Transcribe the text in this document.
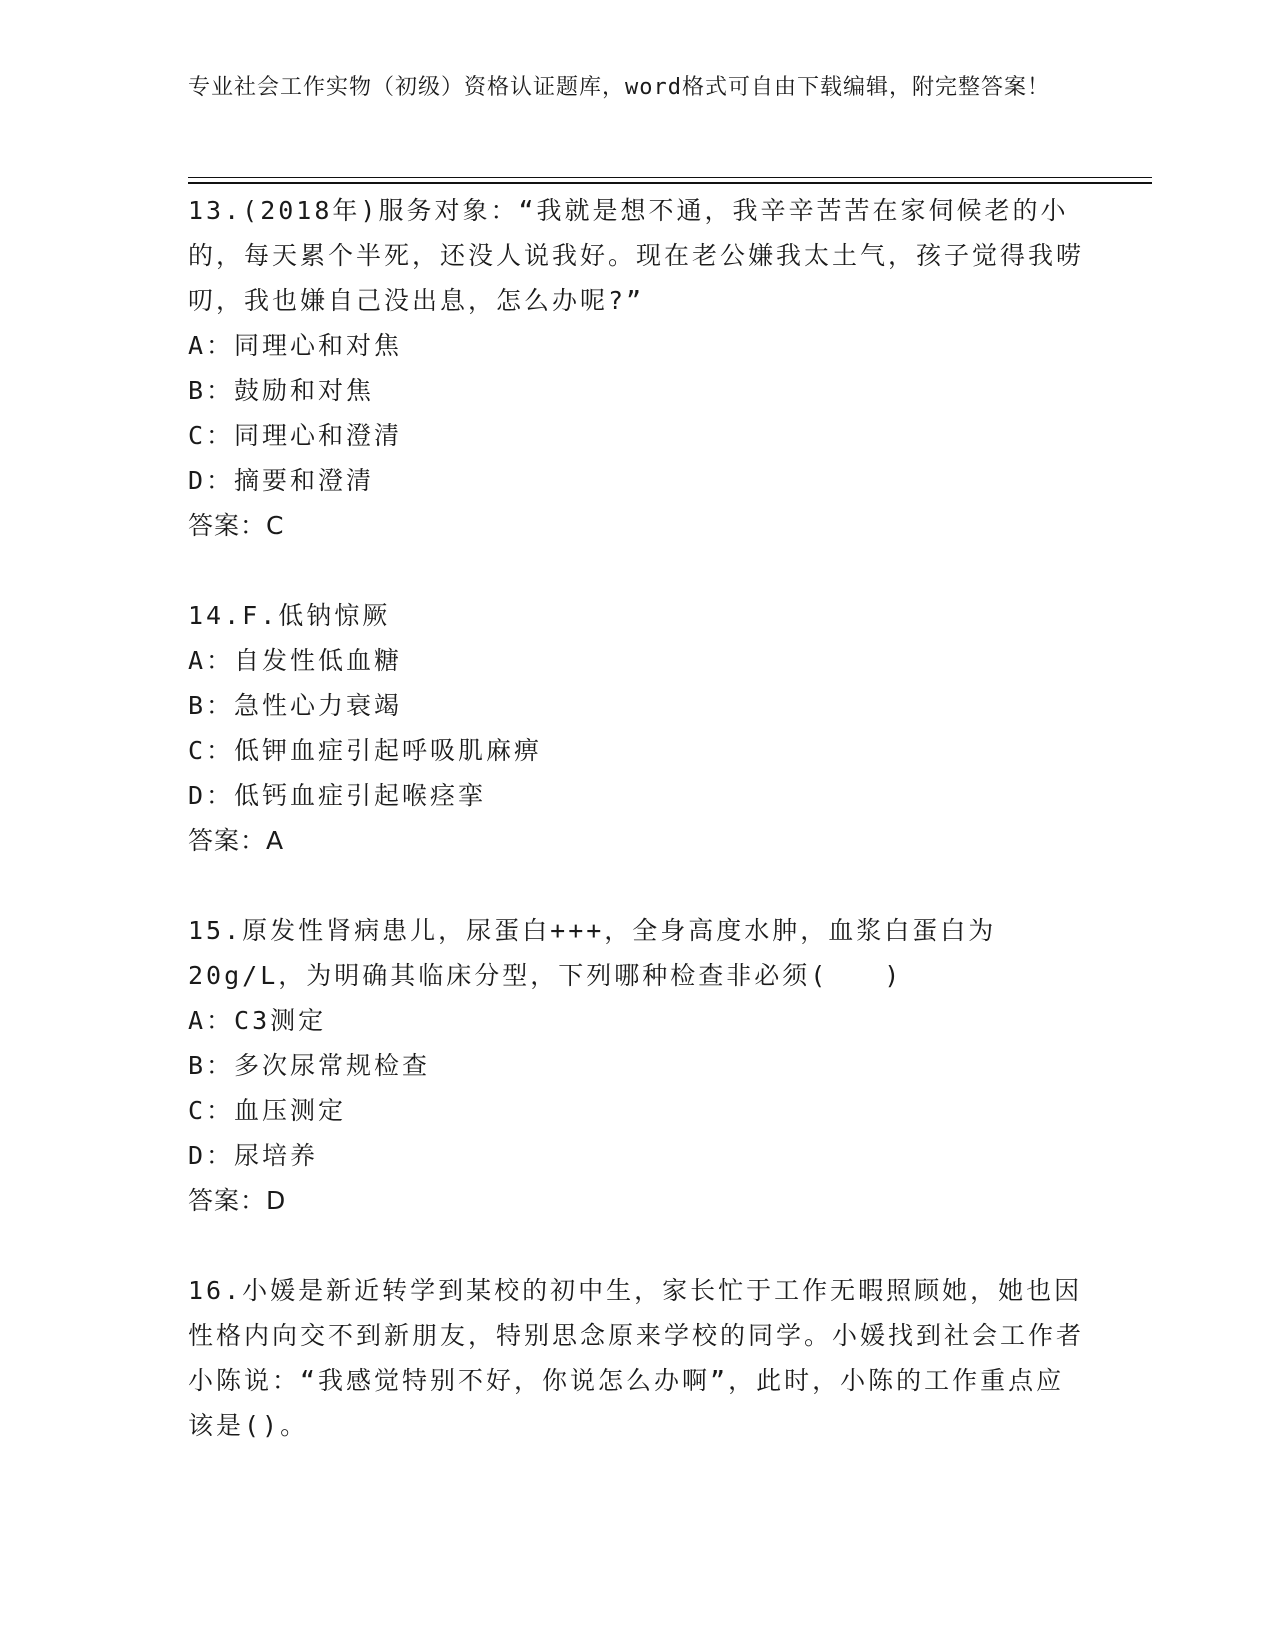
专业社会工作实物（初级）资格认证题库，word格式可自由下载编辑，附完整答案！

13.(2018年)服务对象：“我就是想不通，我辛辛苦苦在家伺候老的小的，每天累个半死，还没人说我好。现在老公嫌我太土气，孩子觉得我唠叨，我也嫌自己没出息，怎么办呢?”

A：同理心和对焦

B：鼓励和对焦

C：同理心和澄清

D：摘要和澄清

答案：C

14.F.低钠惊厥

A：自发性低血糖

B：急性心力衰竭

C：低钾血症引起呼吸肌麻痹

D：低钙血症引起喉痉挛

答案：A

15.原发性肾病患儿，尿蛋白+++，全身高度水肿，血浆白蛋白为20g/L，为明确其临床分型，下列哪种检查非必须(　　)

A：C3测定

B：多次尿常规检查

C：血压测定

D：尿培养

答案：D

16.小媛是新近转学到某校的初中生，家长忙于工作无暇照顾她，她也因性格内向交不到新朋友，特别思念原来学校的同学。小媛找到社会工作者小陈说：“我感觉特别不好，你说怎么办啊”，此时，小陈的工作重点应该是()。
